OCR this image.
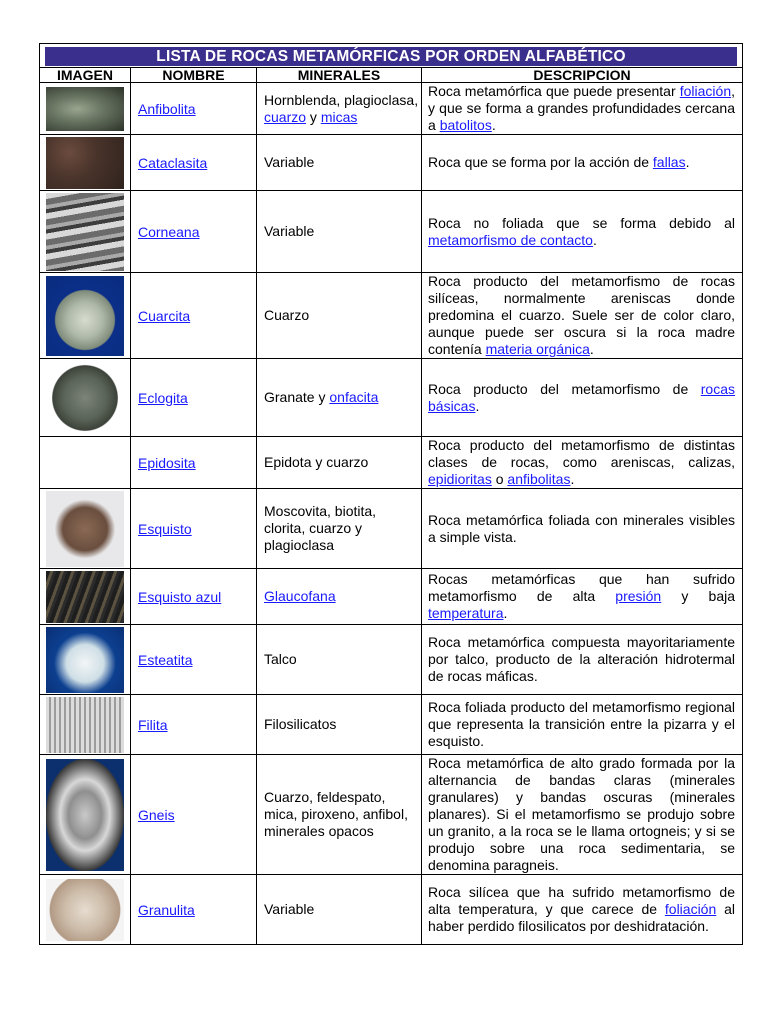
LISTA DE ROCAS METAMÓRFICAS POR ORDEN ALFABÉTICO			

IMAGEN	NOMBRE	MINERALES	DESCRIPCION

	Anfibolita	Hornblenda, plagioclasa, cuarzo y micas	Roca metamórfica que puede presentar foliación, y que se forma a grandes profundidades cercana a batolitos.

	Cataclasita	Variable	Roca que se forma por la acción de fallas.

	Corneana	Variable	Roca no foliada que se forma debido al metamorfismo de contacto.

	Cuarcita	Cuarzo	Roca producto del metamorfismo de rocas silíceas, normalmente areniscas donde predomina el cuarzo. Suele ser de color claro, aunque puede ser oscura si la roca madre contenía materia orgánica.

	Eclogita	Granate y onfacita	Roca producto del metamorfismo de rocas básicas.
	Epidosita	Epidota y cuarzo	Roca producto del metamorfismo de distintas clases de rocas, como areniscas, calizas, epidioritas o anfibolitas.

	Esquisto	Moscovita, biotita, clorita, cuarzo y plagioclasa	Roca metamórfica foliada con minerales visibles a simple vista.

	Esquisto azul	Glaucofana	Rocas metamórficas que han sufrido metamorfismo de alta presión y baja temperatura.

	Esteatita	Talco	Roca metamórfica compuesta mayoritariamente por talco, producto de la alteración hidrotermal de rocas máficas.

	Filita	Filosilicatos	Roca foliada producto del metamorfismo regional que representa la transición entre la pizarra y el esquisto.

	Gneis	Cuarzo, feldespato, mica, piroxeno, anfibol, minerales opacos	Roca metamórfica de alto grado formada por la alternancia de bandas claras (minerales granulares) y bandas oscuras (minerales planares). Si el metamorfismo se produjo sobre un granito, a la roca se le llama ortogneis; y si se produjo sobre una roca sedimentaria, se denomina paragneis.

	Granulita	Variable	Roca silícea que ha sufrido metamorfismo de alta temperatura, y que carece de foliación al haber perdido filosilicatos por deshidratación.
